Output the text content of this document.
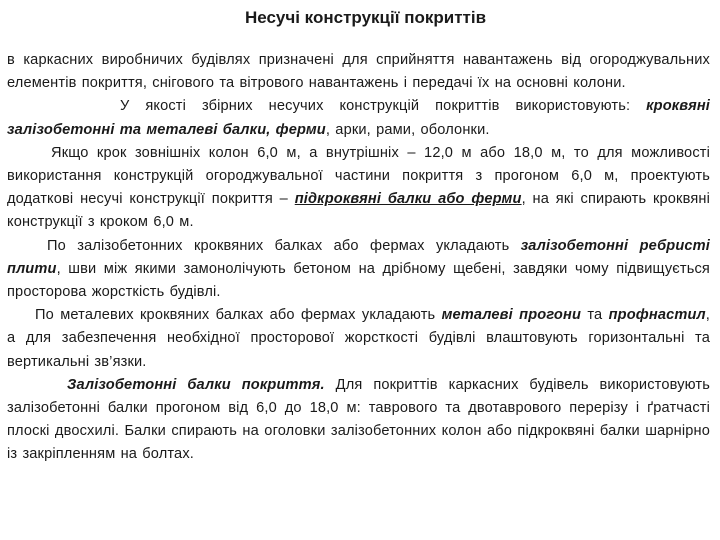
Несучі конструкції покриттів

в каркасних виробничих будівлях призначені для сприйняття навантажень від огороджувальних елементів покриття, снігового та вітрового навантажень і передачі їх на основні колони.

У якості збірних несучих конструкцій покриттів використовують: кроквяні залізобетонні та металеві балки, ферми, арки, рами, оболонки.

Якщо крок зовнішніх колон 6,0 м, а внутрішніх – 12,0 м або 18,0 м, то для можливості використання конструкцій огороджувальної частини покриття з прогоном 6,0 м, проектують додаткові несучі конструкції покриття – підкроквяні балки або ферми, на які спирають кроквяні конструкції з кроком 6,0 м.

По залізобетонних кроквяних балках або фермах укладають залізобетонні ребристі плити, шви між якими замонолічують бетоном на дрібному щебені, завдяки чому підвищується просторова жорсткість будівлі.

По металевих кроквяних балках або фермах укладають металеві прогони та профнастил, а для забезпечення необхідної просторової жорсткості будівлі влаштовують горизонтальні та вертикальні зв’язки.

Залізобетонні балки покриття. Для покриттів каркасних будівель використовують залізобетонні балки прогоном від 6,0 до 18,0 м: таврового та двотаврового перерізу і ґратчасті плоскі двосхилі. Балки спирають на оголовки залізобетонних колон або підкроквяні балки шарнірно із закріпленням на болтах.
